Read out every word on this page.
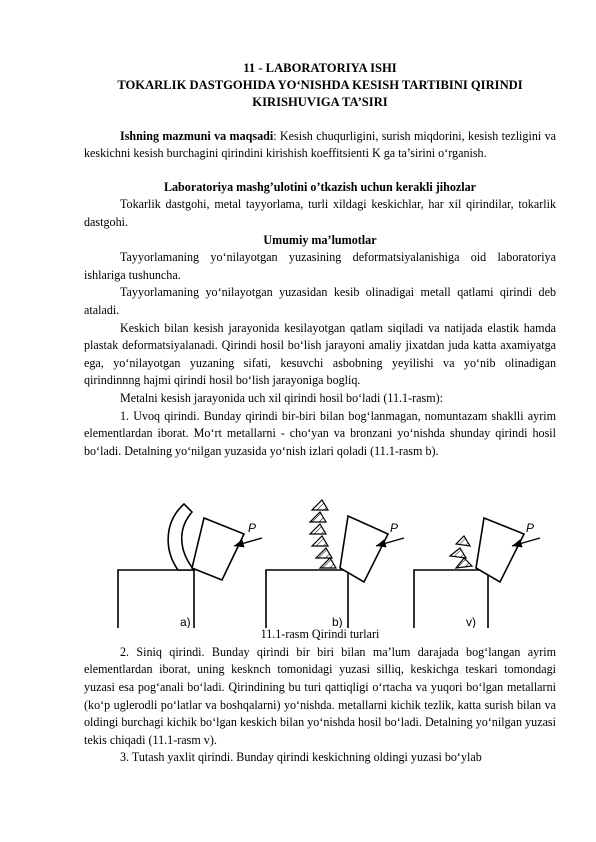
11 - LABORATORIYA ISHI
TOKARLIK DASTGOHIDA YO‘NISHDA KESISH TARTIBINI QIRINDI KIRISHUVIGA TA’SIRI

Ishning mazmuni va maqsadi: Kesish chuqurligini, surish miqdorini, kesish tezligini va keskichni kesish burchagini qirindini kirishish koeffitsienti K ga ta’sirini o‘rganish.

Laboratoriya mashg’ulotini o’tkazish uchun kerakli jihozlar

Tokarlik dastgohi, metal tayyorlama, turli xildagi keskichlar, har xil qirindilar, tokarlik dastgohi.

Umumiy ma’lumotlar

Tayyorlamaning yo‘nilayotgan yuzasining deformatsiyalanishiga oid laboratoriya ishlariga tushuncha.

Tayyorlamaning yo‘nilayotgan yuzasidan kesib olinadigai metall qatlami qirindi deb ataladi.

Keskich bilan kesish jarayonida kesilayotgan qatlam siqiladi va natijada elastik hamda plastak deformatsiyalanadi. Qirindi hosil bo‘lish jarayoni amaliy jixatdan juda katta axamiyatga ega, yo‘nilayotgan yuzaning sifati, kesuvchi asbobning yeyilishi va yo‘nib olinadigan qirindinnng hajmi qirindi hosil bo‘lish jarayoniga bogliq.

Metalni kesish jarayonida uch xil qirindi hosil bo‘ladi (11.1-rasm):

1. Uvoq qirindi. Bunday qirindi bir-biri bilan bog‘lanmagan, nomuntazam shaklli ayrim elementlardan iborat. Mo‘rt metallarni - cho‘yan va bronzani yo‘nishda shunday qirindi hosil bo‘ladi. Detalning yo‘nilgan yuzasida yo‘nish izlari qoladi (11.1-rasm b).

P
a)
P
b)
P
v)
11.1-rasm Qirindi turlari

2. Siniq qirindi. Bunday qirindi bir biri bilan ma’lum darajada bog‘langan ayrim elementlardan iborat, uning kesknch tomonidagi yuzasi silliq, keskichga teskari tomondagi yuzasi esa pog‘anali bo‘ladi. Qirindining bu turi qattiqligi o‘rtacha va yuqori bo‘lgan metallarni (ko‘p uglerodli po‘latlar va boshqalarni) yo‘nishda. metallarni kichik tezlik, katta surish bilan va oldingi burchagi kichik bo‘lgan keskich bilan yo‘nishda hosil bo‘ladi. Detalning yo‘nilgan yuzasi tekis chiqadi (11.1-rasm v).

3. Tutash yaxlit qirindi. Bunday qirindi keskichning oldingi yuzasi bo‘ylab
